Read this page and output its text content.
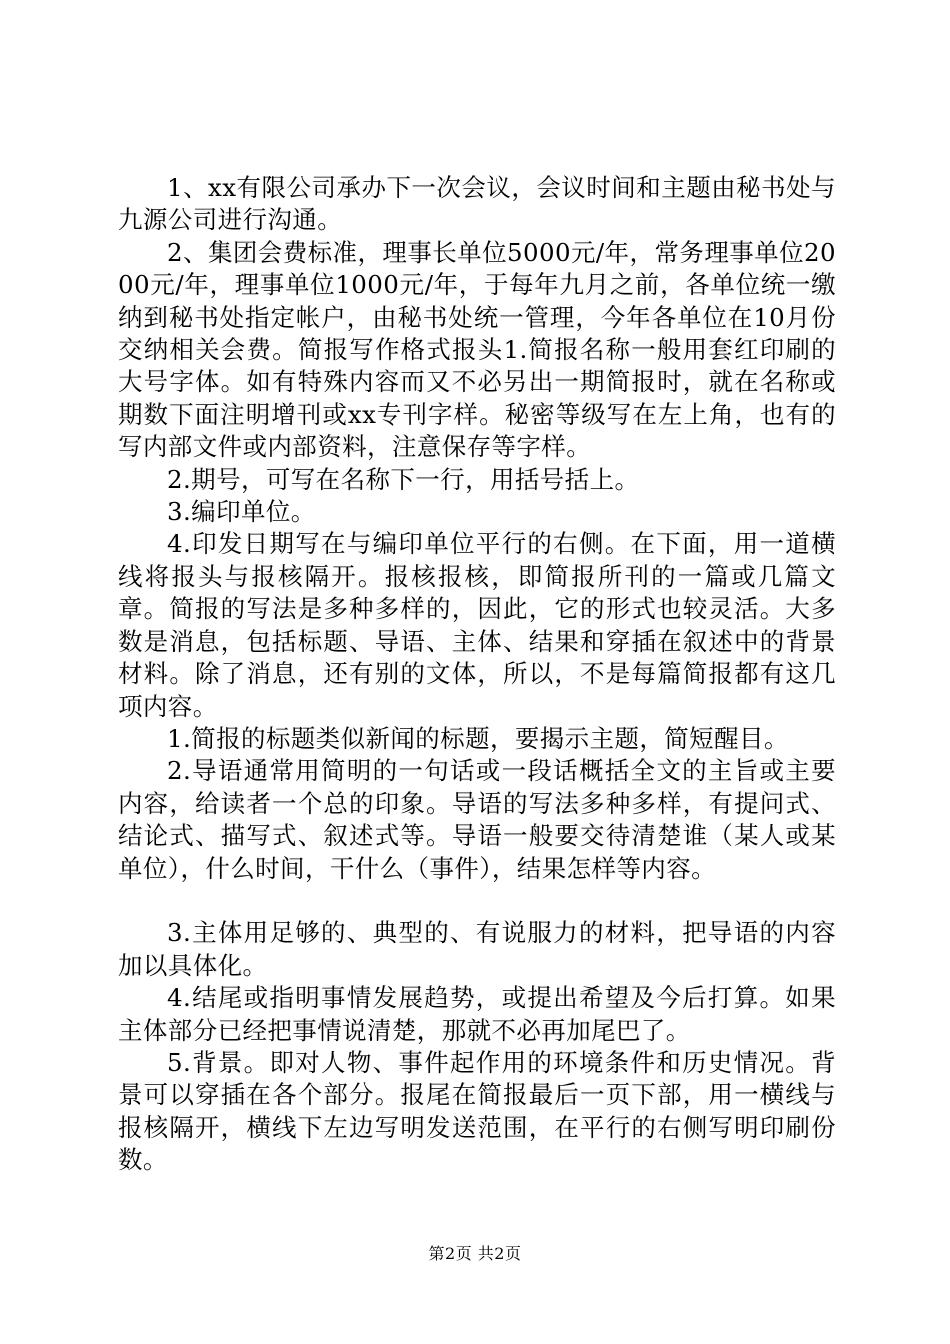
1、xx有限公司承办下一次会议，会议时间和主题由秘书处与九源公司进行沟通。

2、集团会费标准，理事长单位5000元/年，常务理事单位2000元/年，理事单位1000元/年，于每年九月之前，各单位统一缴纳到秘书处指定帐户，由秘书处统一管理，今年各单位在10月份交纳相关会费。简报写作格式报头1.简报名称一般用套红印刷的大号字体。如有特殊内容而又不必另出一期简报时，就在名称或期数下面注明增刊或xx专刊字样。秘密等级写在左上角，也有的写内部文件或内部资料，注意保存等字样。

2.期号，可写在名称下一行，用括号括上。

3.编印单位。

4.印发日期写在与编印单位平行的右侧。在下面，用一道横线将报头与报核隔开。报核报核，即简报所刊的一篇或几篇文章。简报的写法是多种多样的，因此，它的形式也较灵活。大多数是消息，包括标题、导语、主体、结果和穿插在叙述中的背景材料。除了消息，还有别的文体，所以，不是每篇简报都有这几项内容。

1.简报的标题类似新闻的标题，要揭示主题，简短醒目。

2.导语通常用简明的一句话或一段话概括全文的主旨或主要内容，给读者一个总的印象。导语的写法多种多样，有提问式、结论式、描写式、叙述式等。导语一般要交待清楚谁（某人或某单位），什么时间，干什么（事件），结果怎样等内容。

3.主体用足够的、典型的、有说服力的材料，把导语的内容加以具体化。

4.结尾或指明事情发展趋势，或提出希望及今后打算。如果主体部分已经把事情说清楚，那就不必再加尾巴了。

5.背景。即对人物、事件起作用的环境条件和历史情况。背景可以穿插在各个部分。报尾在简报最后一页下部，用一横线与报核隔开，横线下左边写明发送范围，在平行的右侧写明印刷份数。

第2页 共2页
